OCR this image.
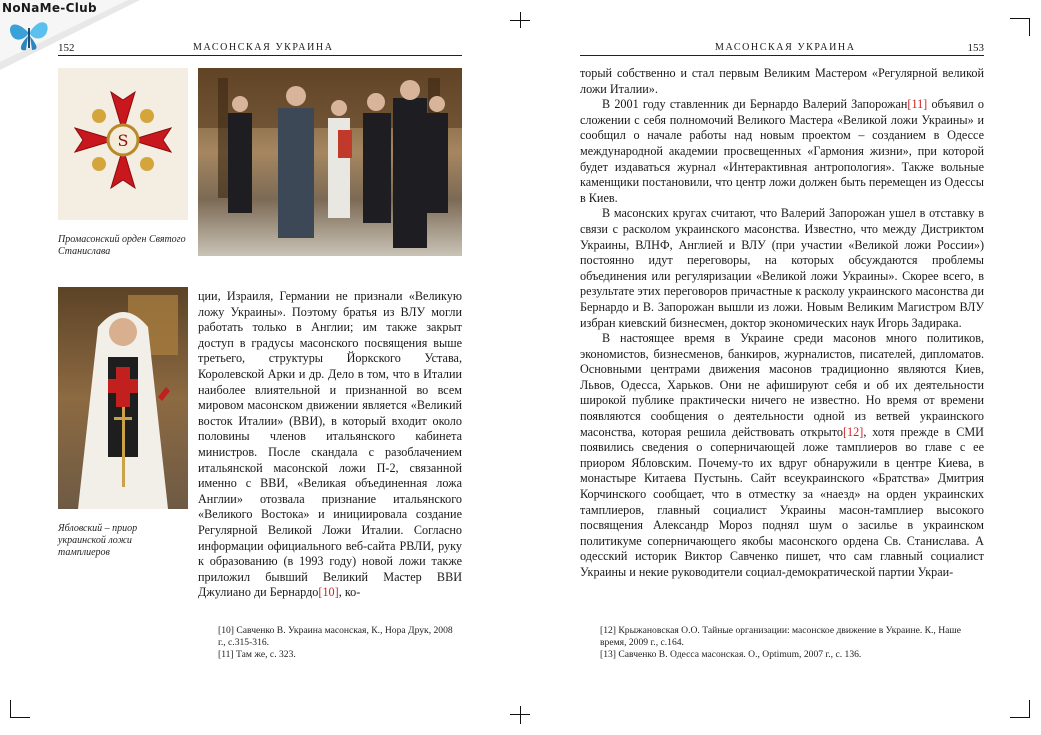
NoNaMe-Club
152	МАСОНСКАЯ УКРАИНА
S
Промасонский орден Святого Станислава
Ябловский – приор украинской ложи тамплиеров

ции, Израиля, Германии не признали «Великую ложу Украины». Поэтому братья из ВЛУ могли работать только в Англии; им также закрыт доступ в градусы масонского посвящения выше третьего, структуры Йоркского Устава, Королевской Арки и др. Дело в том, что в Италии наиболее влиятельной и признанной во всем мировом масонском движении является «Великий восток Италии» (ВВИ), в который входит около половины членов итальянского кабинета министров. После скандала с разоблачением итальянской масонской ложи П-2, связанной именно с ВВИ, «Великая объединенная ложа Англии» отозвала признание итальянского «Великого Востока» и инициировала создание Регулярной Великой Ложи Италии. Согласно информации официального веб-сайта РВЛИ, руку к образованию (в 1993 году) новой ложи также приложил бывший Великий Мастер ВВИ Джулиано ди Бернардо[10], ко-

[10] Савченко В. Украина масонская, К., Нора Друк, 2008 г., с.315-316.
[11] Там же, с. 323.
МАСОНСКАЯ УКРАИНА	153

торый собственно и стал первым Великим Мастером «Регулярной великой ложи Италии».

В 2001 году ставленник ди Бернардо Валерий Запорожан[11] объявил о сложении с себя полномочий Великого Мастера «Великой ложи Украины» и сообщил о начале работы над новым проектом – созданием в Одессе международной академии просвещенных «Гармония жизни», при которой будет издаваться журнал «Интерактивная антропология». Также вольные каменщики постановили, что центр ложи должен быть перемещен из Одессы в Киев.

В масонских кругах считают, что Валерий Запорожан ушел в отставку в связи с расколом украинского масонства. Известно, что между Дистриктом Украины, ВЛНФ, Англией и ВЛУ (при участии «Великой ложи России») постоянно идут переговоры, на которых обсуждаются проблемы объединения или регуляризации «Великой ложи Украины». Скорее всего, в результате этих переговоров причастные к расколу украинского масонства ди Бернардо и В. Запорожан вышли из ложи. Новым Великим Магистром ВЛУ избран киевский бизнесмен, доктор экономических наук Игорь Задирака.

В настоящее время в Украине среди масонов много политиков, экономистов, бизнесменов, банкиров, журналистов, писателей, дипломатов. Основными центрами движения масонов традиционно являются Киев, Львов, Одесса, Харьков. Они не афишируют себя и об их деятельности широкой публике практически ничего не известно. Но время от времени появляются сообщения о деятельности одной из ветвей украинского масонства, которая решила действовать открыто[12], хотя прежде в СМИ появились сведения о соперничающей ложе тамплиеров во главе с ее приором Ябловским. Почему-то их вдруг обнаружили в центре Киева, в монастыре Китаева Пустынь. Сайт всеукраинского «Братства» Дмитрия Корчинского сообщает, что в отместку за «наезд» на орден украинских тамплиеров, главный социалист Украины масон-тамплиер высокого посвящения Александр Мороз поднял шум о засилье в украинском политикуме соперничающего якобы масонского ордена Св. Станислава. А одесский историк Виктор Савченко пишет, что сам главный социалист Украины и некие руководители социал-демократической партии Украи-

[12] Крыжановская О.О. Тайные организации: масонское движение в Украине. К., Наше время, 2009 г., с.164.
[13] Савченко В. Одесса масонская. О., Optimum, 2007 г., с. 136.
